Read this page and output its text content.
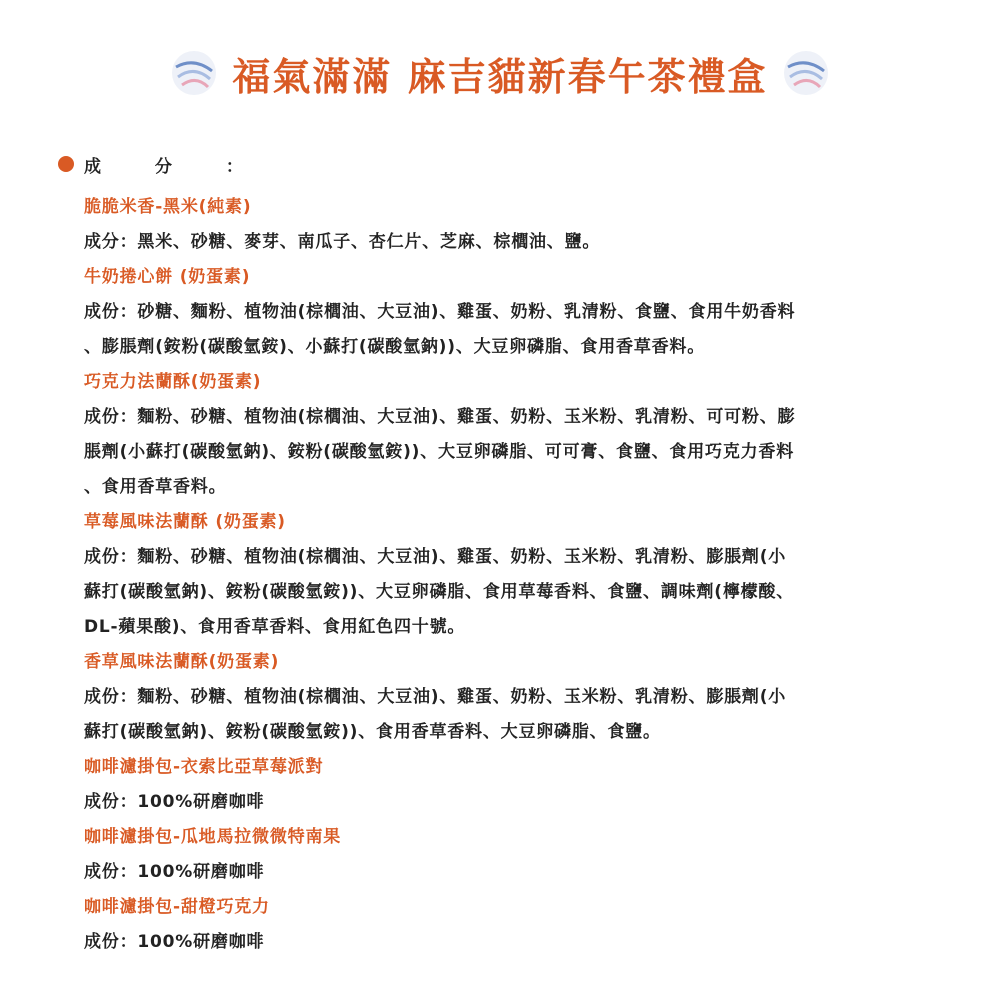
福氣滿滿 麻吉貓新春午茶禮盒
成 分 ：
脆脆米香-黑米(純素)
成分：黑米、砂糖、麥芽、南瓜子、杏仁片、芝麻、棕櫚油、鹽。
牛奶捲心餅 (奶蛋素)
成份：砂糖、麵粉、植物油(棕櫚油、大豆油)、雞蛋、奶粉、乳清粉、食鹽、食用牛奶香料
、膨脹劑(銨粉(碳酸氫銨)、小蘇打(碳酸氫鈉))、大豆卵磷脂、食用香草香料。
巧克力法蘭酥(奶蛋素)
成份：麵粉、砂糖、植物油(棕櫚油、大豆油)、雞蛋、奶粉、玉米粉、乳清粉、可可粉、膨
脹劑(小蘇打(碳酸氫鈉)、銨粉(碳酸氫銨))、大豆卵磷脂、可可膏、食鹽、食用巧克力香料
、食用香草香料。
草莓風味法蘭酥 (奶蛋素)
成份：麵粉、砂糖、植物油(棕櫚油、大豆油)、雞蛋、奶粉、玉米粉、乳清粉、膨脹劑(小
蘇打(碳酸氫鈉)、銨粉(碳酸氫銨))、大豆卵磷脂、食用草莓香料、食鹽、調味劑(檸檬酸、
DL-蘋果酸)、食用香草香料、食用紅色四十號。
香草風味法蘭酥(奶蛋素)
成份：麵粉、砂糖、植物油(棕櫚油、大豆油)、雞蛋、奶粉、玉米粉、乳清粉、膨脹劑(小
蘇打(碳酸氫鈉)、銨粉(碳酸氫銨))、食用香草香料、大豆卵磷脂、食鹽。
咖啡濾掛包-衣索比亞草莓派對
成份：100%研磨咖啡
咖啡濾掛包-瓜地馬拉微微特南果
成份：100%研磨咖啡
咖啡濾掛包-甜橙巧克力
成份：100%研磨咖啡
